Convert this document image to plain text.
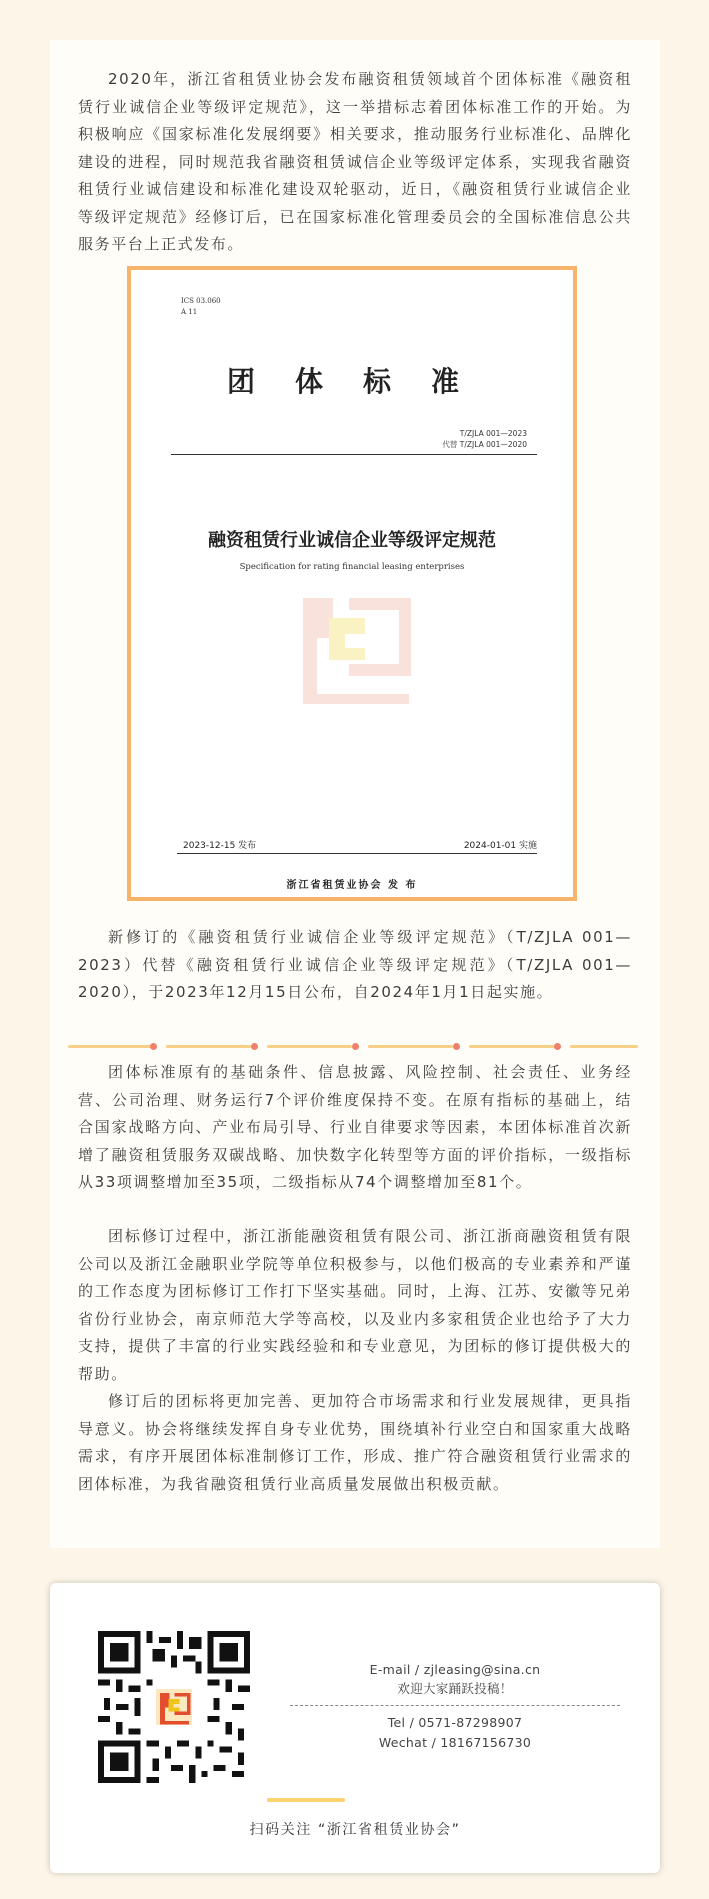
2020年，浙江省租赁业协会发布融资租赁领域首个团体标准《融资租赁行业诚信企业等级评定规范》，这一举措标志着团体标准工作的开始。为积极响应《国家标准化发展纲要》相关要求，推动服务行业标准化、品牌化建设的进程，同时规范我省融资租赁诚信企业等级评定体系，实现我省融资租赁行业诚信建设和标准化建设双轮驱动，近日，《融资租赁行业诚信企业等级评定规范》经修订后，已在国家标准化管理委员会的全国标准信息公共服务平台上正式发布。

ICS 03.060
A 11
团体标准
T/ZJLA 001—2023
代替 T/ZJLA 001—2020
融资租赁行业诚信企业等级评定规范
Specification for rating financial leasing enterprises
2023-12-15 发布	2024-01-01 实施
浙江省租赁业协会 发 布

新修订的《融资租赁行业诚信企业等级评定规范》（T/ZJLA 001—2023）代替《融资租赁行业诚信企业等级评定规范》（T/ZJLA 001—2020），于2023年12月15日公布，自2024年1月1日起实施。

团体标准原有的基础条件、信息披露、风险控制、社会责任、业务经营、公司治理、财务运行7个评价维度保持不变。在原有指标的基础上，结合国家战略方向、产业布局引导、行业自律要求等因素，本团体标准首次新增了融资租赁服务双碳战略、加快数字化转型等方面的评价指标，一级指标从33项调整增加至35项，二级指标从74个调整增加至81个。

团标修订过程中，浙江浙能融资租赁有限公司、浙江浙商融资租赁有限公司以及浙江金融职业学院等单位积极参与，以他们极高的专业素养和严谨的工作态度为团标修订工作打下坚实基础。同时，上海、江苏、安徽等兄弟省份行业协会，南京师范大学等高校，以及业内多家租赁企业也给予了大力支持，提供了丰富的行业实践经验和和专业意见，为团标的修订提供极大的帮助。

修订后的团标将更加完善、更加符合市场需求和行业发展规律，更具指导意义。协会将继续发挥自身专业优势，围绕填补行业空白和国家重大战略需求，有序开展团体标准制修订工作，形成、推广符合融资租赁行业需求的团体标准，为我省融资租赁行业高质量发展做出积极贡献。

E-mail / zjleasing@sina.cn
欢迎大家踊跃投稿！
Tel / 0571-87298907
Wechat / 18167156730
扫码关注 “浙江省租赁业协会”
